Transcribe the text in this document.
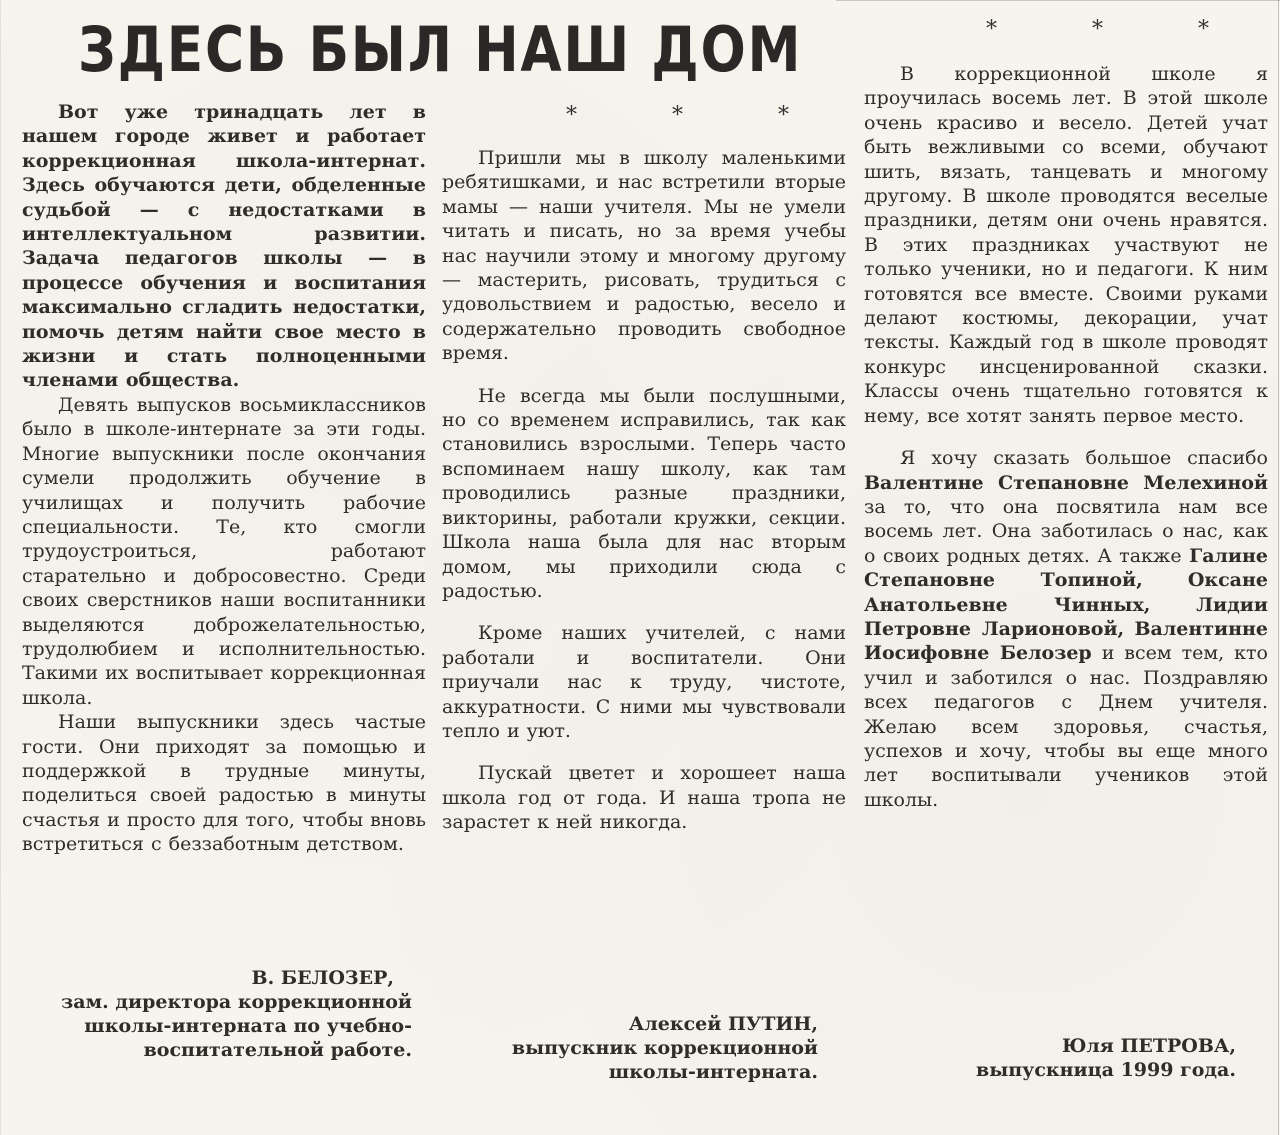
ЗДЕСЬ БЫЛ НАШ ДОМ	* * *
* * *

Вот уже тринадцать лет в нашем городе живет и работает коррекционная школа-интернат. Здесь обучаются дети, обделенные судьбой — с недостатками в интеллектуальном развитии. Задача педагогов школы — в процессе обучения и воспитания максимально сгладить недостатки, помочь детям найти свое место в жизни и стать полноценными членами общества.

Девять выпусков восьмиклассников было в школе-интернате за эти годы. Многие выпускники после окончания сумели продолжить обучение в училищах и получить рабочие специальности. Те, кто смогли трудоустроиться, работают старательно и добросовестно. Среди своих сверстников наши воспитанники выделяются доброжелательностью, трудолюбием и исполнительностью. Такими их воспитывает коррекционная школа.

Наши выпускники здесь частые гости. Они приходят за помощью и поддержкой в трудные минуты, поделиться своей радостью в минуты счастья и просто для того, чтобы вновь встретиться с беззаботным детством.

В. БЕЛОЗЕР,
зам. директора коррекционной школы-интерната по учебно-воспитательной работе.

Пришли мы в школу маленькими ребятишками, и нас встретили вторые мамы — наши учителя. Мы не умели читать и писать, но за время учебы нас научили этому и многому другому — мастерить, рисовать, трудиться с удовольствием и радостью, весело и содержательно проводить свободное время.

Не всегда мы были послушными, но со временем исправились, так как становились взрослыми. Теперь часто вспоминаем нашу школу, как там проводились разные праздники, викторины, работали кружки, секции. Школа наша была для нас вторым домом, мы приходили сюда с радостью.

Кроме наших учителей, с нами работали и воспитатели. Они приучали нас к труду, чистоте, аккуратности. С ними мы чувствовали тепло и уют.

Пускай цветет и хорошеет наша школа год от года. И наша тропа не зарастет к ней никогда.

Алексей ПУТИН,
выпускник коррекционной школы-интерната.

В коррекционной школе я проучилась восемь лет. В этой школе очень красиво и весело. Детей учат быть вежливыми со всеми, обучают шить, вязать, танцевать и многому другому. В школе проводятся веселые праздники, детям они очень нравятся. В этих праздниках участвуют не только ученики, но и педагоги. К ним готовятся все вместе. Своими руками делают костюмы, декорации, учат тексты. Каждый год в школе проводят конкурс инсценированной сказки. Классы очень тщательно готовятся к нему, все хотят занять первое место.

Я хочу сказать большое спасибо Валентине Степановне Мелехиной за то, что она посвятила нам все восемь лет. Она заботилась о нас, как о своих родных детях. А также Галине Степановне Топиной, Оксане Анатольевне Чинных, Лидии Петровне Ларионовой, Валентинне Иосифовне Белозер и всем тем, кто учил и заботился о нас. Поздравляю всех педагогов с Днем учителя. Желаю всем здоровья, счастья, успехов и хочу, чтобы вы еще много лет воспитывали учеников этой школы.

Юля ПЕТРОВА,
выпускница 1999 года.
